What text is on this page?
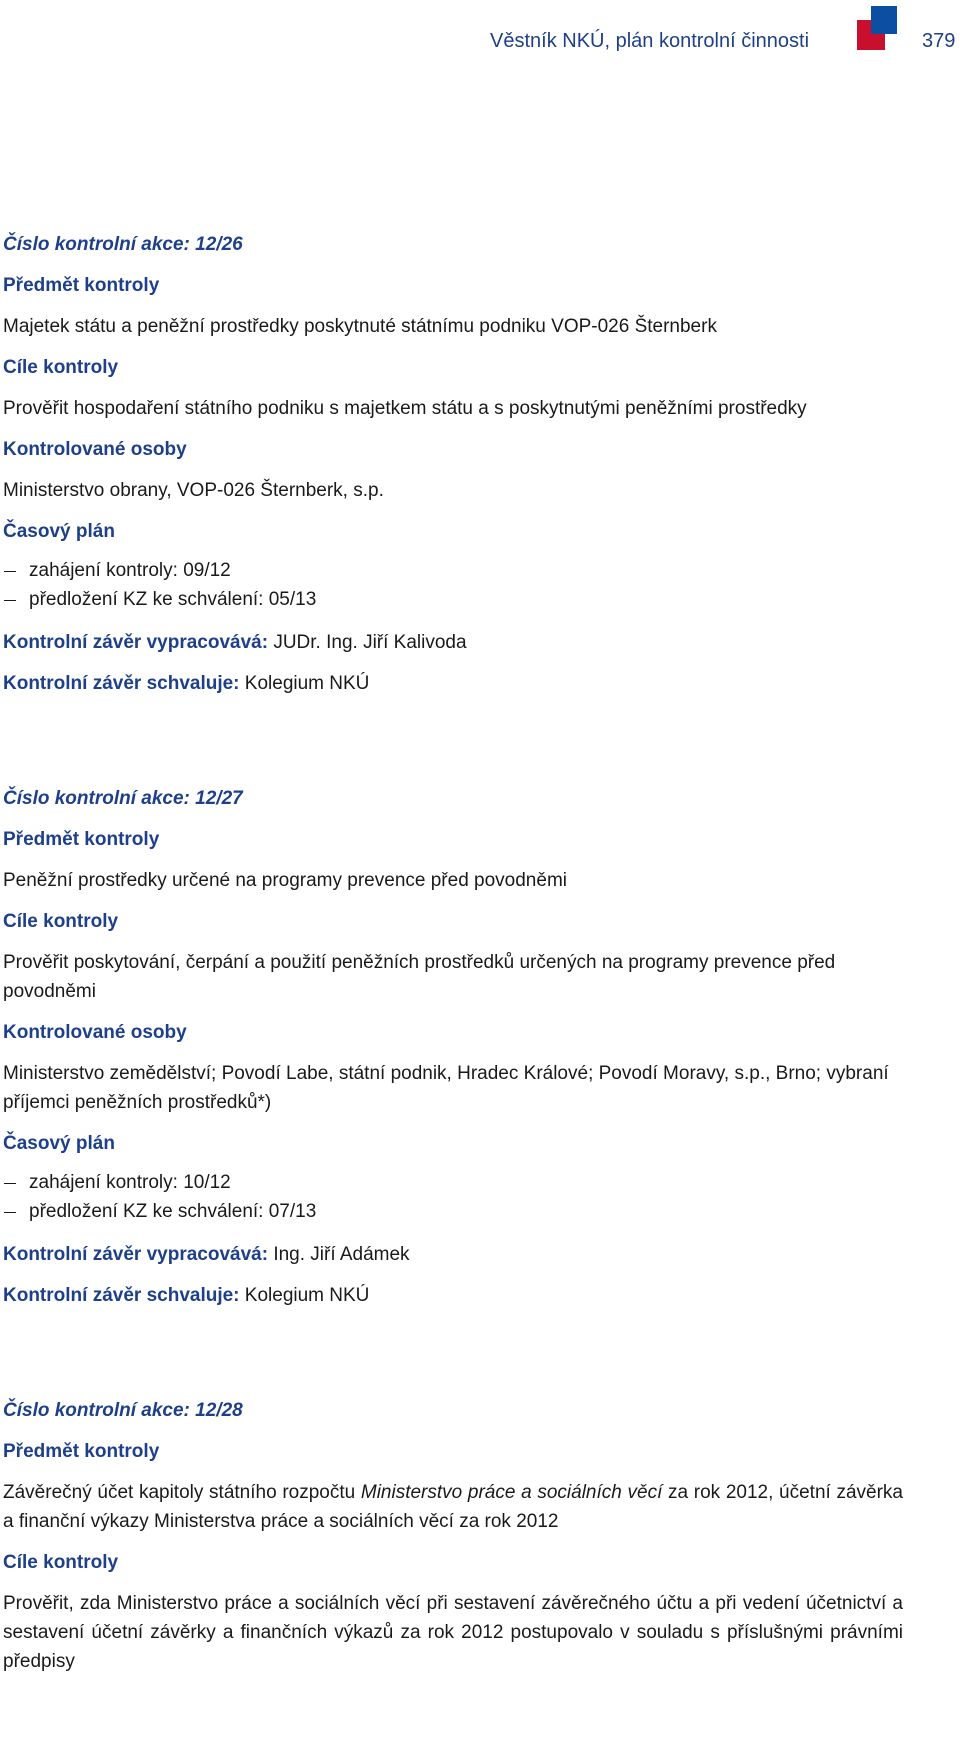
Věstník NKÚ, plán kontrolní činnosti	379
Číslo kontrolní akce: 12/26
Předmět kontroly
Majetek státu a peněžní prostředky poskytnuté státnímu podniku VOP-026 Šternberk
Cíle kontroly
Prověřit hospodaření státního podniku s majetkem státu a s poskytnutými peněžními prostředky
Kontrolované osoby
Ministerstvo obrany, VOP-026 Šternberk, s.p.
Časový plán
zahájení kontroly: 09/12
předložení KZ ke schválení: 05/13
Kontrolní závěr vypracovává: JUDr. Ing. Jiří Kalivoda
Kontrolní závěr schvaluje: Kolegium NKÚ
Číslo kontrolní akce: 12/27
Předmět kontroly
Peněžní prostředky určené na programy prevence před povodněmi
Cíle kontroly
Prověřit poskytování, čerpání a použití peněžních prostředků určených na programy prevence před povodněmi
Kontrolované osoby
Ministerstvo zemědělství; Povodí Labe, státní podnik, Hradec Králové; Povodí Moravy, s.p., Brno; vybraní příjemci peněžních prostředků*)
Časový plán
zahájení kontroly: 10/12
předložení KZ ke schválení: 07/13
Kontrolní závěr vypracovává: Ing. Jiří Adámek
Kontrolní závěr schvaluje: Kolegium NKÚ
Číslo kontrolní akce: 12/28
Předmět kontroly
Závěrečný účet kapitoly státního rozpočtu Ministerstvo práce a sociálních věcí za rok 2012, účetní závěrka a finanční výkazy Ministerstva práce a sociálních věcí za rok 2012
Cíle kontroly
Prověřit, zda Ministerstvo práce a sociálních věcí při sestavení závěrečného účtu a při vedení účetnictví a sestavení účetní závěrky a finančních výkazů za rok 2012 postupovalo v souladu s příslušnými právními předpisy
